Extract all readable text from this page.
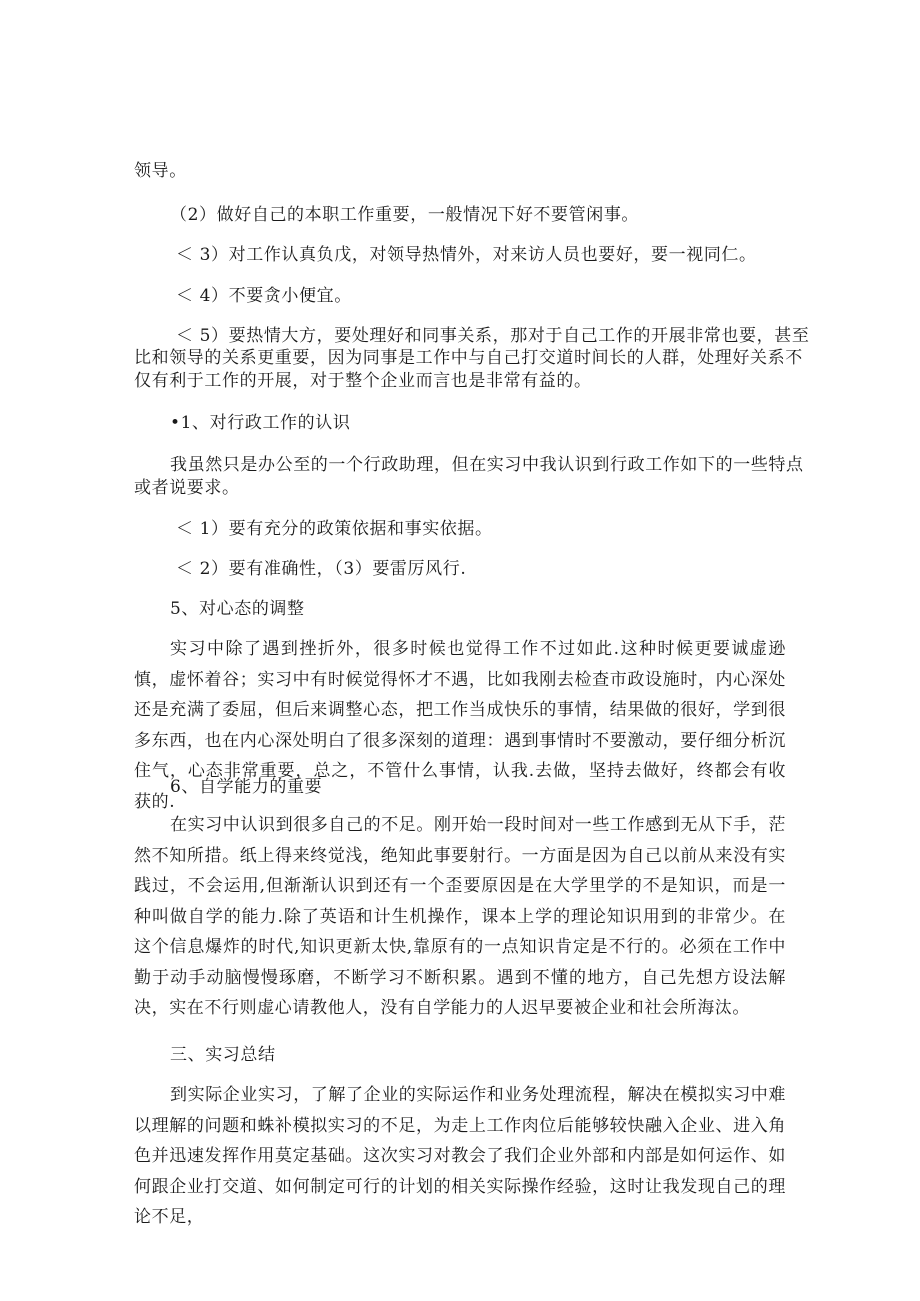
领导。
（2）做好自己的本职工作重要，一般情况下好不要管闲事。
＜ 3）对工作认真负戊，对领导热情外，对来访人员也要好，要一视同仁。
＜ 4）不要贪小便宜。
＜ 5）要热情大方，要处理好和同事关系，那对于自己工作的开展非常也要，甚至
比和领导的关系更重要，因为同事是工作中与自己打交道时间长的人群，处理好关系不
仅有利于工作的开展，对于整个企业而言也是非常有益的。
•1、对行政工作的认识
我虽然只是办公至的一个行政助理，但在实习中我认识到行政工作如下的一些特点
或者说要求。
＜ 1）要有充分的政策依据和事实依据。
＜ 2）要有准确性，（3）要雷厉风行.
5、对心态的调整

实习中除了遇到挫折外，很多时候也觉得工作不过如此.这种时候更要诚虚逊慎，虚怀着谷；实习中有时候觉得怀才不遇，比如我刚去检查市政设施时，内心深处还是充满了委屈，但后来调整心态，把工作当成快乐的事情，结果做的很好，学到很多东西，也在内心深处明白了很多深刻的道理：遇到事情时不要激动，要仔细分析沉住气，心态非常重要，总之，不管什么事情，认我.去做，坚持去做好，终都会有收获的.

6、自学能力的重要

在实习中认识到很多自己的不足。刚开始一段时间对一些工作感到无从下手，茫然不知所措。纸上得来终觉浅，绝知此事要射行。一方面是因为自己以前从来没有实践过，不会运用,但渐渐认识到还有一个歪要原因是在大学里学的不是知识，而是一种叫做自学的能力.除了英语和计生机操作，课本上学的理论知识用到的非常少。在这个信息爆炸的时代,知识更新太快,靠原有的一点知识肯定是不行的。必须在工作中勤于动手动脑慢慢琢磨，不断学习不断积累。遇到不懂的地方，自己先想方设法解决，实在不行则虚心请教他人，没有自学能力的人迟早要被企业和社会所海汰。

三、实习总结

到实际企业实习，了解了企业的实际运作和业务处理流程，解决在模拟实习中难以理解的问题和蛛补模拟实习的不足，为走上工作肉位后能够较快融入企业、进入角色并迅速发挥作用莫定基础。这次实习对教会了我们企业外部和内部是如何运作、如何跟企业打交道、如何制定可行的计划的相关实际操作经验，这时让我发现自己的理论不足，
